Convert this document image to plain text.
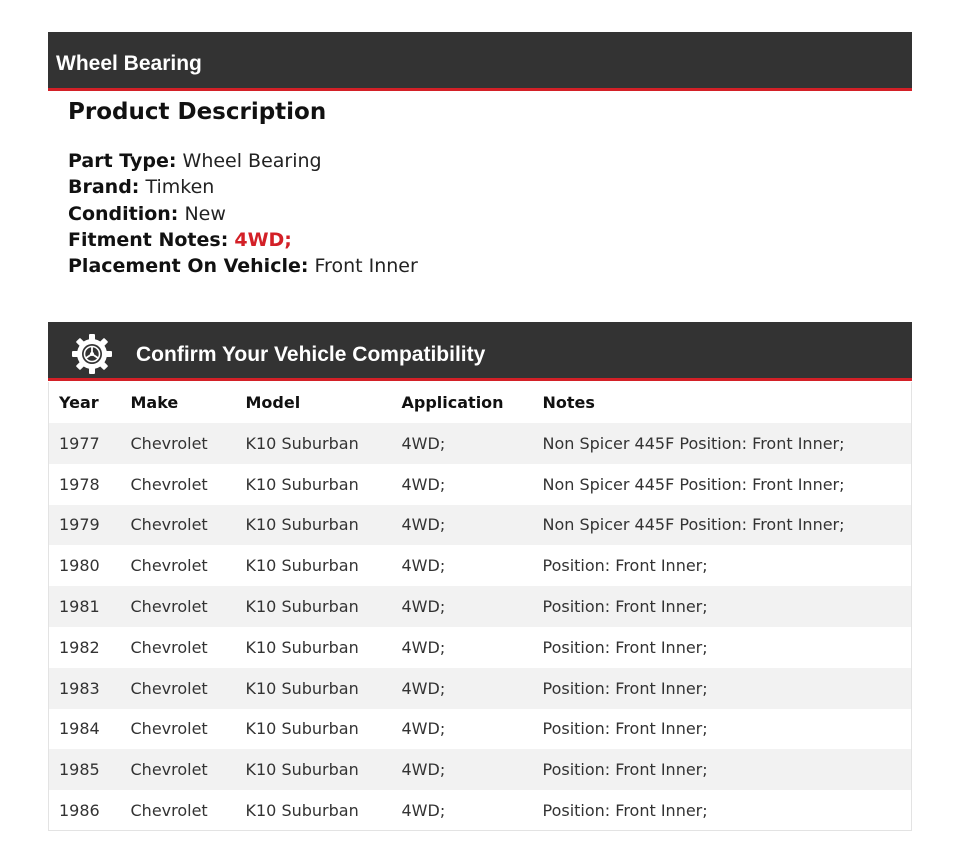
Wheel Bearing
Product Description
Part Type: Wheel Bearing
Brand: Timken
Condition: New
Fitment Notes: 4WD;
Placement On Vehicle: Front Inner
Confirm Your Vehicle Compatibility
Year	Make	Model	Application	Notes
1977	Chevrolet	K10 Suburban	4WD;	Non Spicer 445F Position: Front Inner;
1978	Chevrolet	K10 Suburban	4WD;	Non Spicer 445F Position: Front Inner;
1979	Chevrolet	K10 Suburban	4WD;	Non Spicer 445F Position: Front Inner;
1980	Chevrolet	K10 Suburban	4WD;	Position: Front Inner;
1981	Chevrolet	K10 Suburban	4WD;	Position: Front Inner;
1982	Chevrolet	K10 Suburban	4WD;	Position: Front Inner;
1983	Chevrolet	K10 Suburban	4WD;	Position: Front Inner;
1984	Chevrolet	K10 Suburban	4WD;	Position: Front Inner;
1985	Chevrolet	K10 Suburban	4WD;	Position: Front Inner;
1986	Chevrolet	K10 Suburban	4WD;	Position: Front Inner;
